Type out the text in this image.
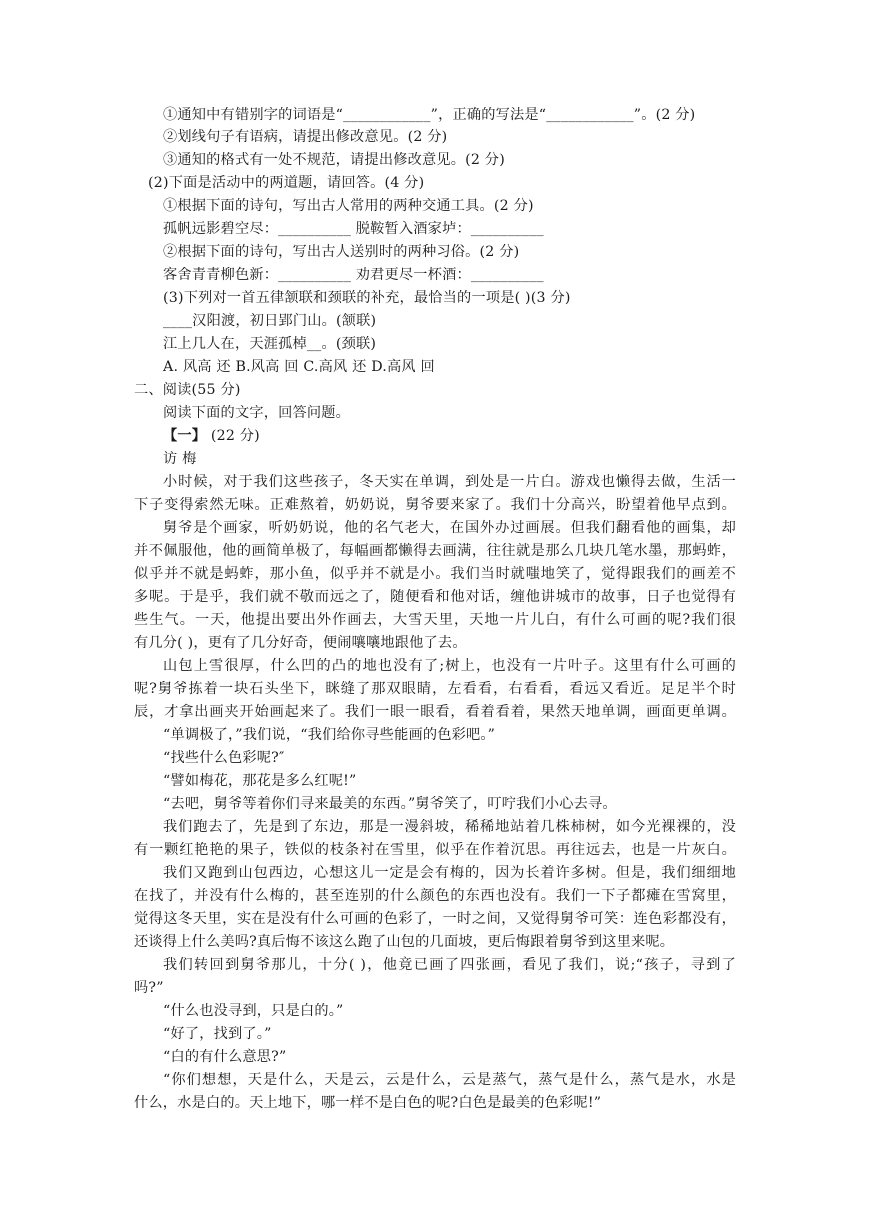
①通知中有错别字的词语是“____________”，正确的写法是“____________”。(2 分)
②划线句子有语病，请提出修改意见。(2 分)
③通知的格式有一处不规范，请提出修改意见。(2 分)
(2)下面是活动中的两道题，请回答。(4 分)
①根据下面的诗句，写出古人常用的两种交通工具。(2 分)
孤帆远影碧空尽：__________ 脱鞍暂入酒家垆：__________
②根据下面的诗句，写出古人送别时的两种习俗。(2 分)
客舍青青柳色新：__________ 劝君更尽一杯酒：__________
(3)下列对一首五律颔联和颈联的补充，最恰当的一项是( )(3 分)
____汉阳渡，初日郢门山。(颔联)
江上几人在，天涯孤棹__。(颈联)
A. 风高 还 B.风高 回 C.高风 还 D.高风 回
二、阅读(55 分)
阅读下面的文字，回答问题。
【一】 (22 分)
访 梅
小时候，对于我们这些孩子，冬天实在单调，到处是一片白。游戏也懒得去做，生活一
下子变得索然无味。正难熬着，奶奶说，舅爷要来家了。我们十分高兴，盼望着他早点到。
舅爷是个画家，听奶奶说，他的名气老大，在国外办过画展。但我们翻看他的画集，却
并不佩服他，他的画简单极了，每幅画都懒得去画满，往往就是那么几块几笔水墨，那蚂蚱，
似乎并不就是蚂蚱，那小鱼，似乎并不就是小。我们当时就嗤地笑了，觉得跟我们的画差不
多呢。于是乎，我们就不敬而远之了，随便看和他对话，缠他讲城市的故事，日子也觉得有
些生气。一天，他提出要出外作画去，大雪天里，天地一片儿白，有什么可画的呢?我们很
有几分( )，更有了几分好奇，便闹嚷嚷地跟他了去。
山包上雪很厚，什么凹的凸的地也没有了;树上，也没有一片叶子。这里有什么可画的
呢?舅爷拣着一块石头坐下，眯缝了那双眼睛，左看看，右看看，看远又看近。足足半个时
辰，才拿出画夹开始画起来了。我们一眼一眼看，看着看着，果然天地单调，画面更单调。
“单调极了，”我们说，“我们给你寻些能画的色彩吧。”
“找些什么色彩呢?″
“譬如梅花，那花是多么红呢!”
“去吧，舅爷等着你们寻来最美的东西。”舅爷笑了，叮咛我们小心去寻。
我们跑去了，先是到了东边，那是一漫斜坡，稀稀地站着几株柿树，如今光裸裸的，没
有一颗红艳艳的果子，铁似的枝条衬在雪里，似乎在作着沉思。再往远去，也是一片灰白。
我们又跑到山包西边，心想这儿一定是会有梅的，因为长着许多树。但是，我们细细地
在找了，并没有什么梅的，甚至连别的什么颜色的东西也没有。我们一下子都瘫在雪窝里，
觉得这冬天里，实在是没有什么可画的色彩了，一时之间，又觉得舅爷可笑：连色彩都没有，
还谈得上什么美吗?真后悔不该这么跑了山包的几面坡，更后悔跟着舅爷到这里来呢。
我们转回到舅爷那儿，十分( )，他竟已画了四张画，看见了我们，说;“孩子，寻到了
吗?”
“什么也没寻到，只是白的。”
“好了，找到了。”
“白的有什么意思?”
“你们想想，天是什么，天是云，云是什么，云是蒸气，蒸气是什么，蒸气是水，水是
什么，水是白的。天上地下，哪一样不是白色的呢?白色是最美的色彩呢!”
